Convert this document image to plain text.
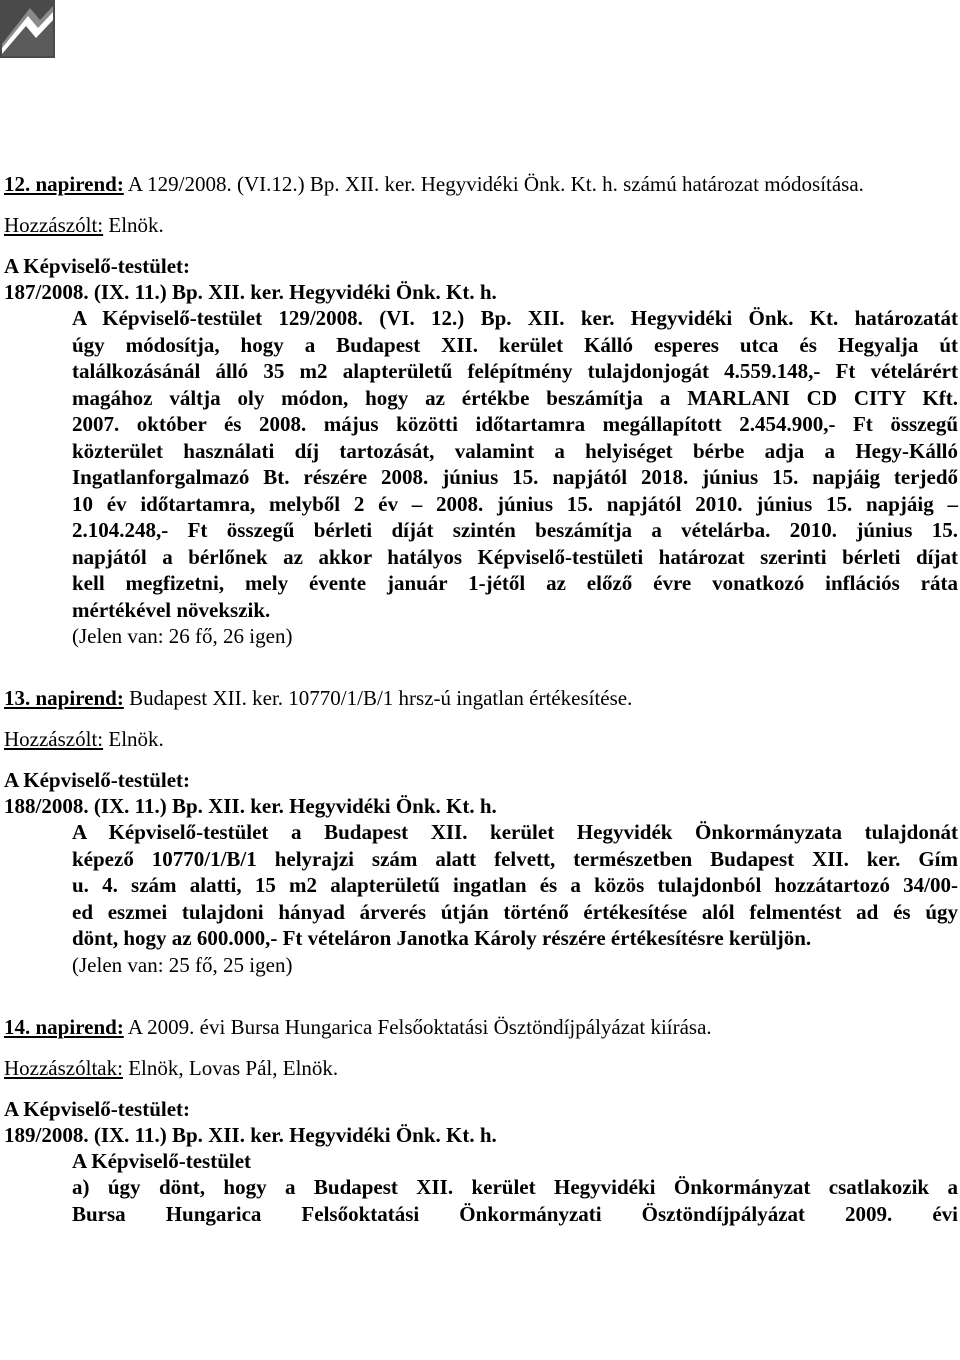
12. napirend: A 129/2008. (VI.12.) Bp. XII. ker. Hegyvidéki Önk. Kt. h. számú határozat módosítása.
Hozzászólt: Elnök.
A Képviselő-testület:
187/2008. (IX. 11.) Bp. XII. ker. Hegyvidéki Önk. Kt. h.
A Képviselő-testület 129/2008. (VI. 12.) Bp. XII. ker. Hegyvidéki Önk. Kt. határozatát
úgy módosítja, hogy a Budapest XII. kerület Kálló esperes utca és Hegyalja út
találkozásánál álló 35 m2 alapterületű felépítmény tulajdonjogát 4.559.148,- Ft vételárért
magához váltja oly módon, hogy az értékbe beszámítja a MARLANI CD CITY Kft.
2007. október és 2008. május közötti időtartamra megállapított 2.454.900,- Ft összegű
közterület használati díj tartozását, valamint a helyiséget bérbe adja a Hegy-Kálló
Ingatlanforgalmazó Bt. részére 2008. június 15. napjától 2018. június 15. napjáig terjedő
10 év időtartamra, melyből 2 év – 2008. június 15. napjától 2010. június 15. napjáig –
2.104.248,- Ft összegű bérleti díját szintén beszámítja a vételárba. 2010. június 15.
napjától a bérlőnek az akkor hatályos Képviselő-testületi határozat szerinti bérleti díjat
kell megfizetni, mely évente január 1-jétől az előző évre vonatkozó inflációs ráta
mértékével növekszik.
(Jelen van: 26 fő, 26 igen)
13. napirend: Budapest XII. ker. 10770/1/B/1 hrsz-ú ingatlan értékesítése.
Hozzászólt: Elnök.
A Képviselő-testület:
188/2008. (IX. 11.) Bp. XII. ker. Hegyvidéki Önk. Kt. h.
A Képviselő-testület a Budapest XII. kerület Hegyvidék Önkormányzata tulajdonát
képező 10770/1/B/1 helyrajzi szám alatt felvett, természetben Budapest XII. ker. Gím
u. 4. szám alatti, 15 m2 alapterületű ingatlan és a közös tulajdonból hozzátartozó 34/00-
ed eszmei tulajdoni hányad árverés útján történő értékesítése alól felmentést ad és úgy
dönt, hogy az 600.000,- Ft vételáron Janotka Károly részére értékesítésre kerüljön.
(Jelen van: 25 fő, 25 igen)
14. napirend: A 2009. évi Bursa Hungarica Felsőoktatási Ösztöndíjpályázat kiírása.
Hozzászóltak: Elnök, Lovas Pál, Elnök.
A Képviselő-testület:
189/2008. (IX. 11.) Bp. XII. ker. Hegyvidéki Önk. Kt. h.
A Képviselő-testület
a) úgy dönt, hogy a Budapest XII. kerület Hegyvidéki Önkormányzat csatlakozik a
Bursa Hungarica Felsőoktatási Önkormányzati Ösztöndíjpályázat 2009. évi
